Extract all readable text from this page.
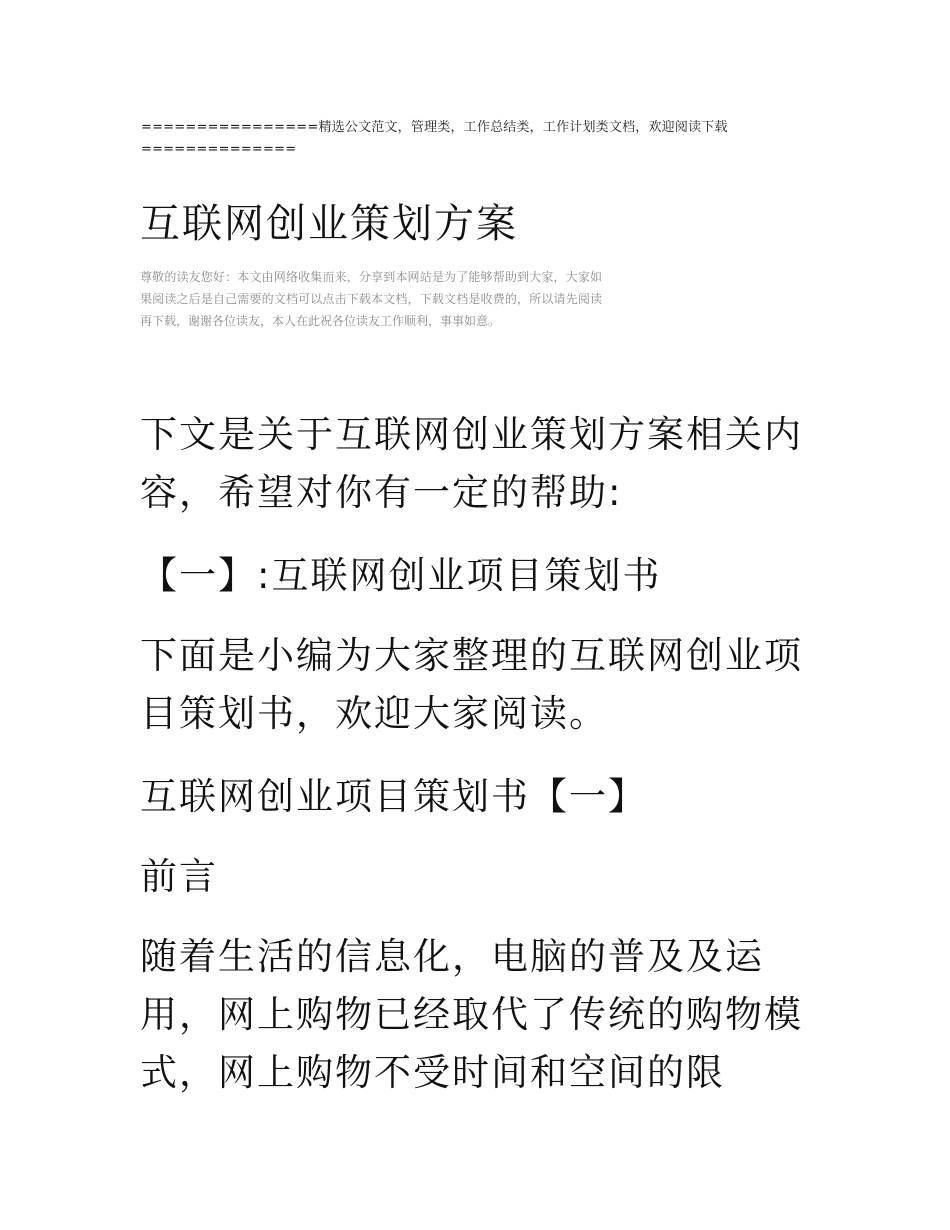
================精选公文范文，管理类，工作总结类，工作计划类文档，欢迎阅读下载==============
互联网创业策划方案
尊敬的读友您好：本文由网络收集而来，分享到本网站是为了能够帮助到大家，大家如果阅读之后是自己需要的文档可以点击下载本文档，下载文档是收费的，所以请先阅读再下载，谢谢各位读友，本人在此祝各位读友工作顺利，事事如意。

下文是关于互联网创业策划方案相关内容，希望对你有一定的帮助:

【一】:互联网创业项目策划书

下面是小编为大家整理的互联网创业项目策划书，欢迎大家阅读。

互联网创业项目策划书【一】

前言

随着生活的信息化，电脑的普及及运用，网上购物已经取代了传统的购物模式，网上购物不受时间和空间的限
